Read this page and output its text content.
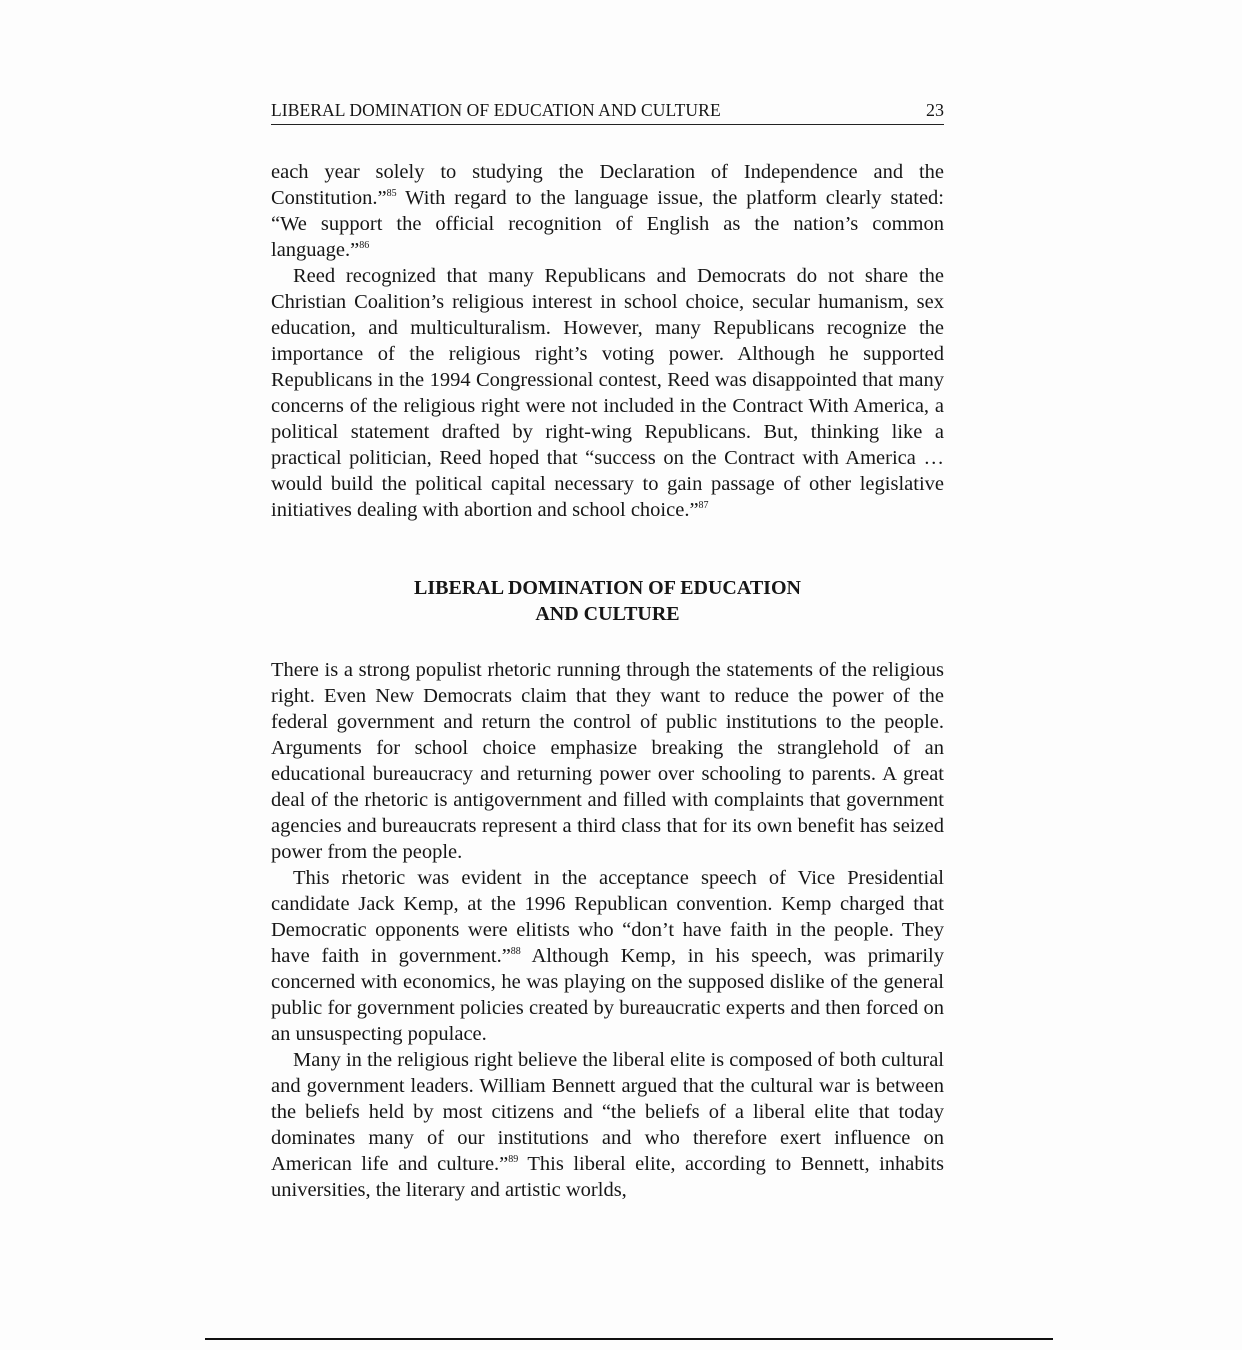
LIBERAL DOMINATION OF EDUCATION AND CULTURE	23

each year solely to studying the Declaration of Independence and the Constitution.”$^{85}$ With regard to the language issue, the platform clearly stated: “We support the official recognition of English as the nation’s common language.”$^{86}$

Reed recognized that many Republicans and Democrats do not share the Christian Coalition’s religious interest in school choice, secular humanism, sex education, and multiculturalism. However, many Republicans recognize the importance of the religious right’s voting power. Although he supported Republicans in the 1994 Congressional contest, Reed was disappointed that many concerns of the religious right were not included in the Contract With America, a political statement drafted by right-wing Republicans. But, thinking like a practical politician, Reed hoped that “success on the Contract with America … would build the political capital necessary to gain passage of other legislative initiatives dealing with abortion and school choice.”$^{87}$

LIBERAL DOMINATION OF EDUCATION
AND CULTURE

There is a strong populist rhetoric running through the statements of the religious right. Even New Democrats claim that they want to reduce the power of the federal government and return the control of public institutions to the people. Arguments for school choice emphasize breaking the stranglehold of an educational bureaucracy and returning power over schooling to parents. A great deal of the rhetoric is antigovernment and filled with complaints that government agencies and bureaucrats represent a third class that for its own benefit has seized power from the people.

This rhetoric was evident in the acceptance speech of Vice Presidential candidate Jack Kemp, at the 1996 Republican convention. Kemp charged that Democratic opponents were elitists who “don’t have faith in the people. They have faith in government.”$^{88}$ Although Kemp, in his speech, was primarily concerned with economics, he was playing on the supposed dislike of the general public for government policies created by bureaucratic experts and then forced on an unsuspecting populace.

Many in the religious right believe the liberal elite is composed of both cultural and government leaders. William Bennett argued that the cultural war is between the beliefs held by most citizens and “the beliefs of a liberal elite that today dominates many of our institutions and who therefore exert influence on American life and culture.”$^{89}$ This liberal elite, according to Bennett, inhabits universities, the literary and artistic worlds,
